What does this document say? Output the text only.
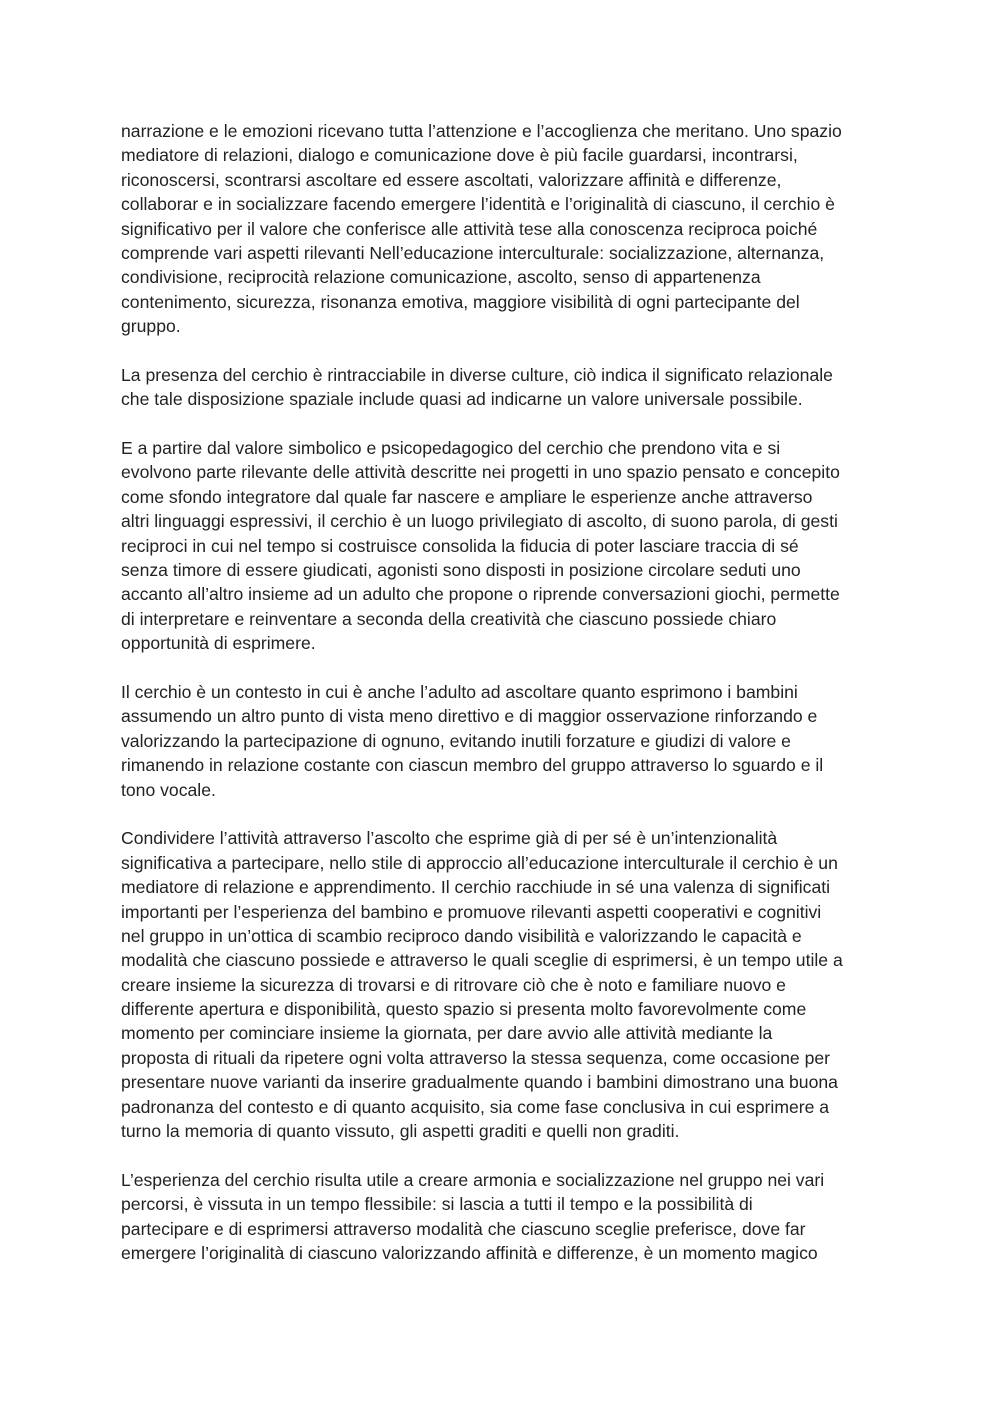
narrazione e le emozioni ricevano tutta l’attenzione e l’accoglienza che meritano. Uno spazio
mediatore di relazioni, dialogo e comunicazione dove è più facile guardarsi, incontrarsi,
riconoscersi, scontrarsi ascoltare ed essere ascoltati, valorizzare affinità e differenze,
collaborar e in socializzare facendo emergere l’identità e l’originalità di ciascuno, il cerchio è
significativo per il valore che conferisce alle attività tese alla conoscenza reciproca poiché
comprende vari aspetti rilevanti Nell’educazione interculturale: socializzazione, alternanza,
condivisione, reciprocità relazione comunicazione, ascolto, senso di appartenenza
contenimento, sicurezza, risonanza emotiva, maggiore visibilità di ogni partecipante del
gruppo.
La presenza del cerchio è rintracciabile in diverse culture, ciò indica il significato relazionale
che tale disposizione spaziale include quasi ad indicarne un valore universale possibile.
E a partire dal valore simbolico e psicopedagogico del cerchio che prendono vita e si
evolvono parte rilevante delle attività descritte nei progetti in uno spazio pensato e concepito
come sfondo integratore dal quale far nascere e ampliare le esperienze anche attraverso
altri linguaggi espressivi, il cerchio è un luogo privilegiato di ascolto, di suono parola, di gesti
reciproci in cui nel tempo si costruisce consolida la fiducia di poter lasciare traccia di sé
senza timore di essere giudicati, agonisti sono disposti in posizione circolare seduti uno
accanto all’altro insieme ad un adulto che propone o riprende conversazioni giochi, permette
di interpretare e reinventare a seconda della creatività che ciascuno possiede chiaro
opportunità di esprimere.
Il cerchio è un contesto in cui è anche l’adulto ad ascoltare quanto esprimono i bambini
assumendo un altro punto di vista meno direttivo e di maggior osservazione rinforzando e
valorizzando la partecipazione di ognuno, evitando inutili forzature e giudizi di valore e
rimanendo in relazione costante con ciascun membro del gruppo attraverso lo sguardo e il
tono vocale.
Condividere l’attività attraverso l’ascolto che esprime già di per sé è un’intenzionalità
significativa a partecipare, nello stile di approccio all’educazione interculturale il cerchio è un
mediatore di relazione e apprendimento. Il cerchio racchiude in sé una valenza di significati
importanti per l’esperienza del bambino e promuove rilevanti aspetti cooperativi e cognitivi
nel gruppo in un’ottica di scambio reciproco dando visibilità e valorizzando le capacità e
modalità che ciascuno possiede e attraverso le quali sceglie di esprimersi, è un tempo utile a
creare insieme la sicurezza di trovarsi e di ritrovare ciò che è noto e familiare nuovo e
differente apertura e disponibilità, questo spazio si presenta molto favorevolmente come
momento per cominciare insieme la giornata, per dare avvio alle attività mediante la
proposta di rituali da ripetere ogni volta attraverso la stessa sequenza, come occasione per
presentare nuove varianti da inserire gradualmente quando i bambini dimostrano una buona
padronanza del contesto e di quanto acquisito, sia come fase conclusiva in cui esprimere a
turno la memoria di quanto vissuto, gli aspetti graditi e quelli non graditi.
L’esperienza del cerchio risulta utile a creare armonia e socializzazione nel gruppo nei vari
percorsi, è vissuta in un tempo flessibile: si lascia a tutti il tempo e la possibilità di
partecipare e di esprimersi attraverso modalità che ciascuno sceglie preferisce, dove far
emergere l’originalità di ciascuno valorizzando affinità e differenze, è un momento magico
